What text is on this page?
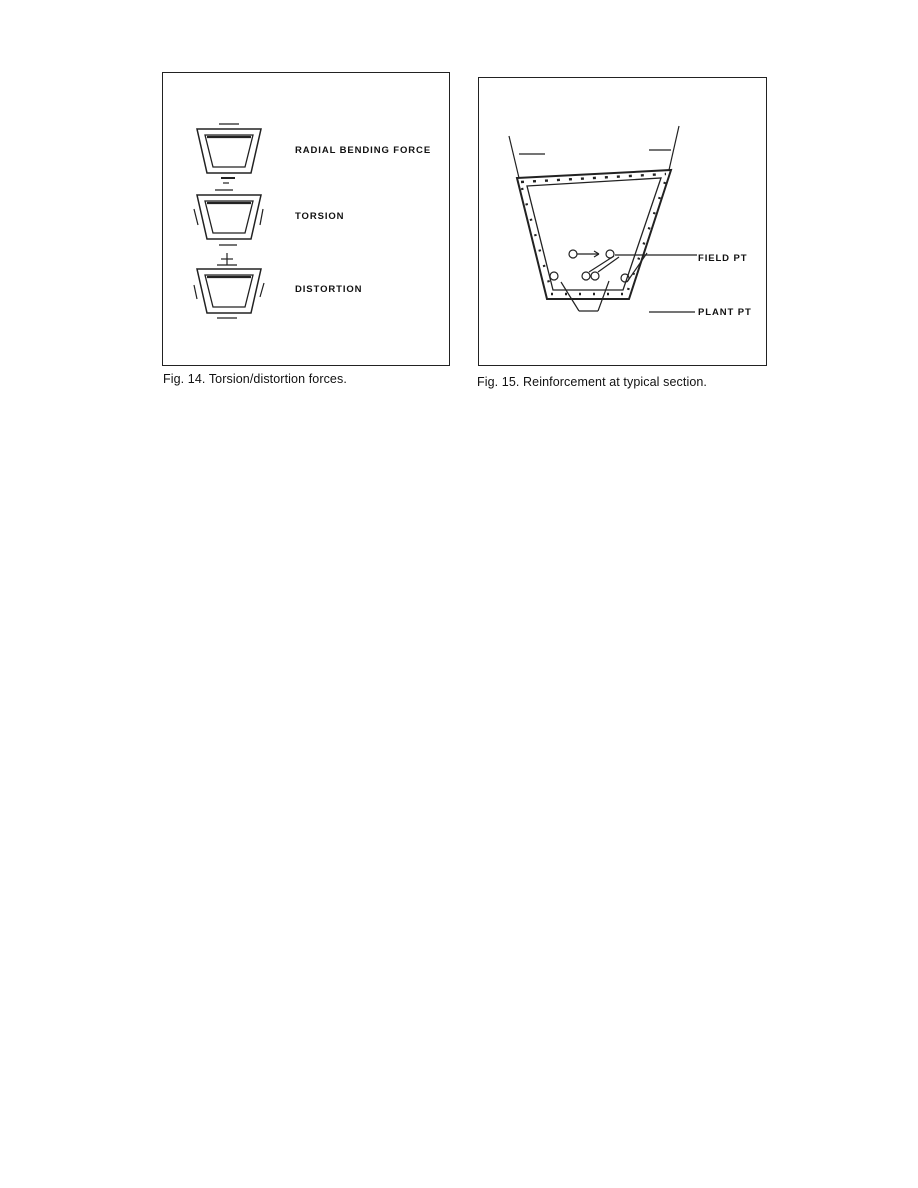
RADIAL BENDING FORCE
TORSION
DISTORTION
Fig. 14. Torsion/distortion forces.
FIELD PT
PLANT PT
Fig. 15. Reinforcement at typical section.
